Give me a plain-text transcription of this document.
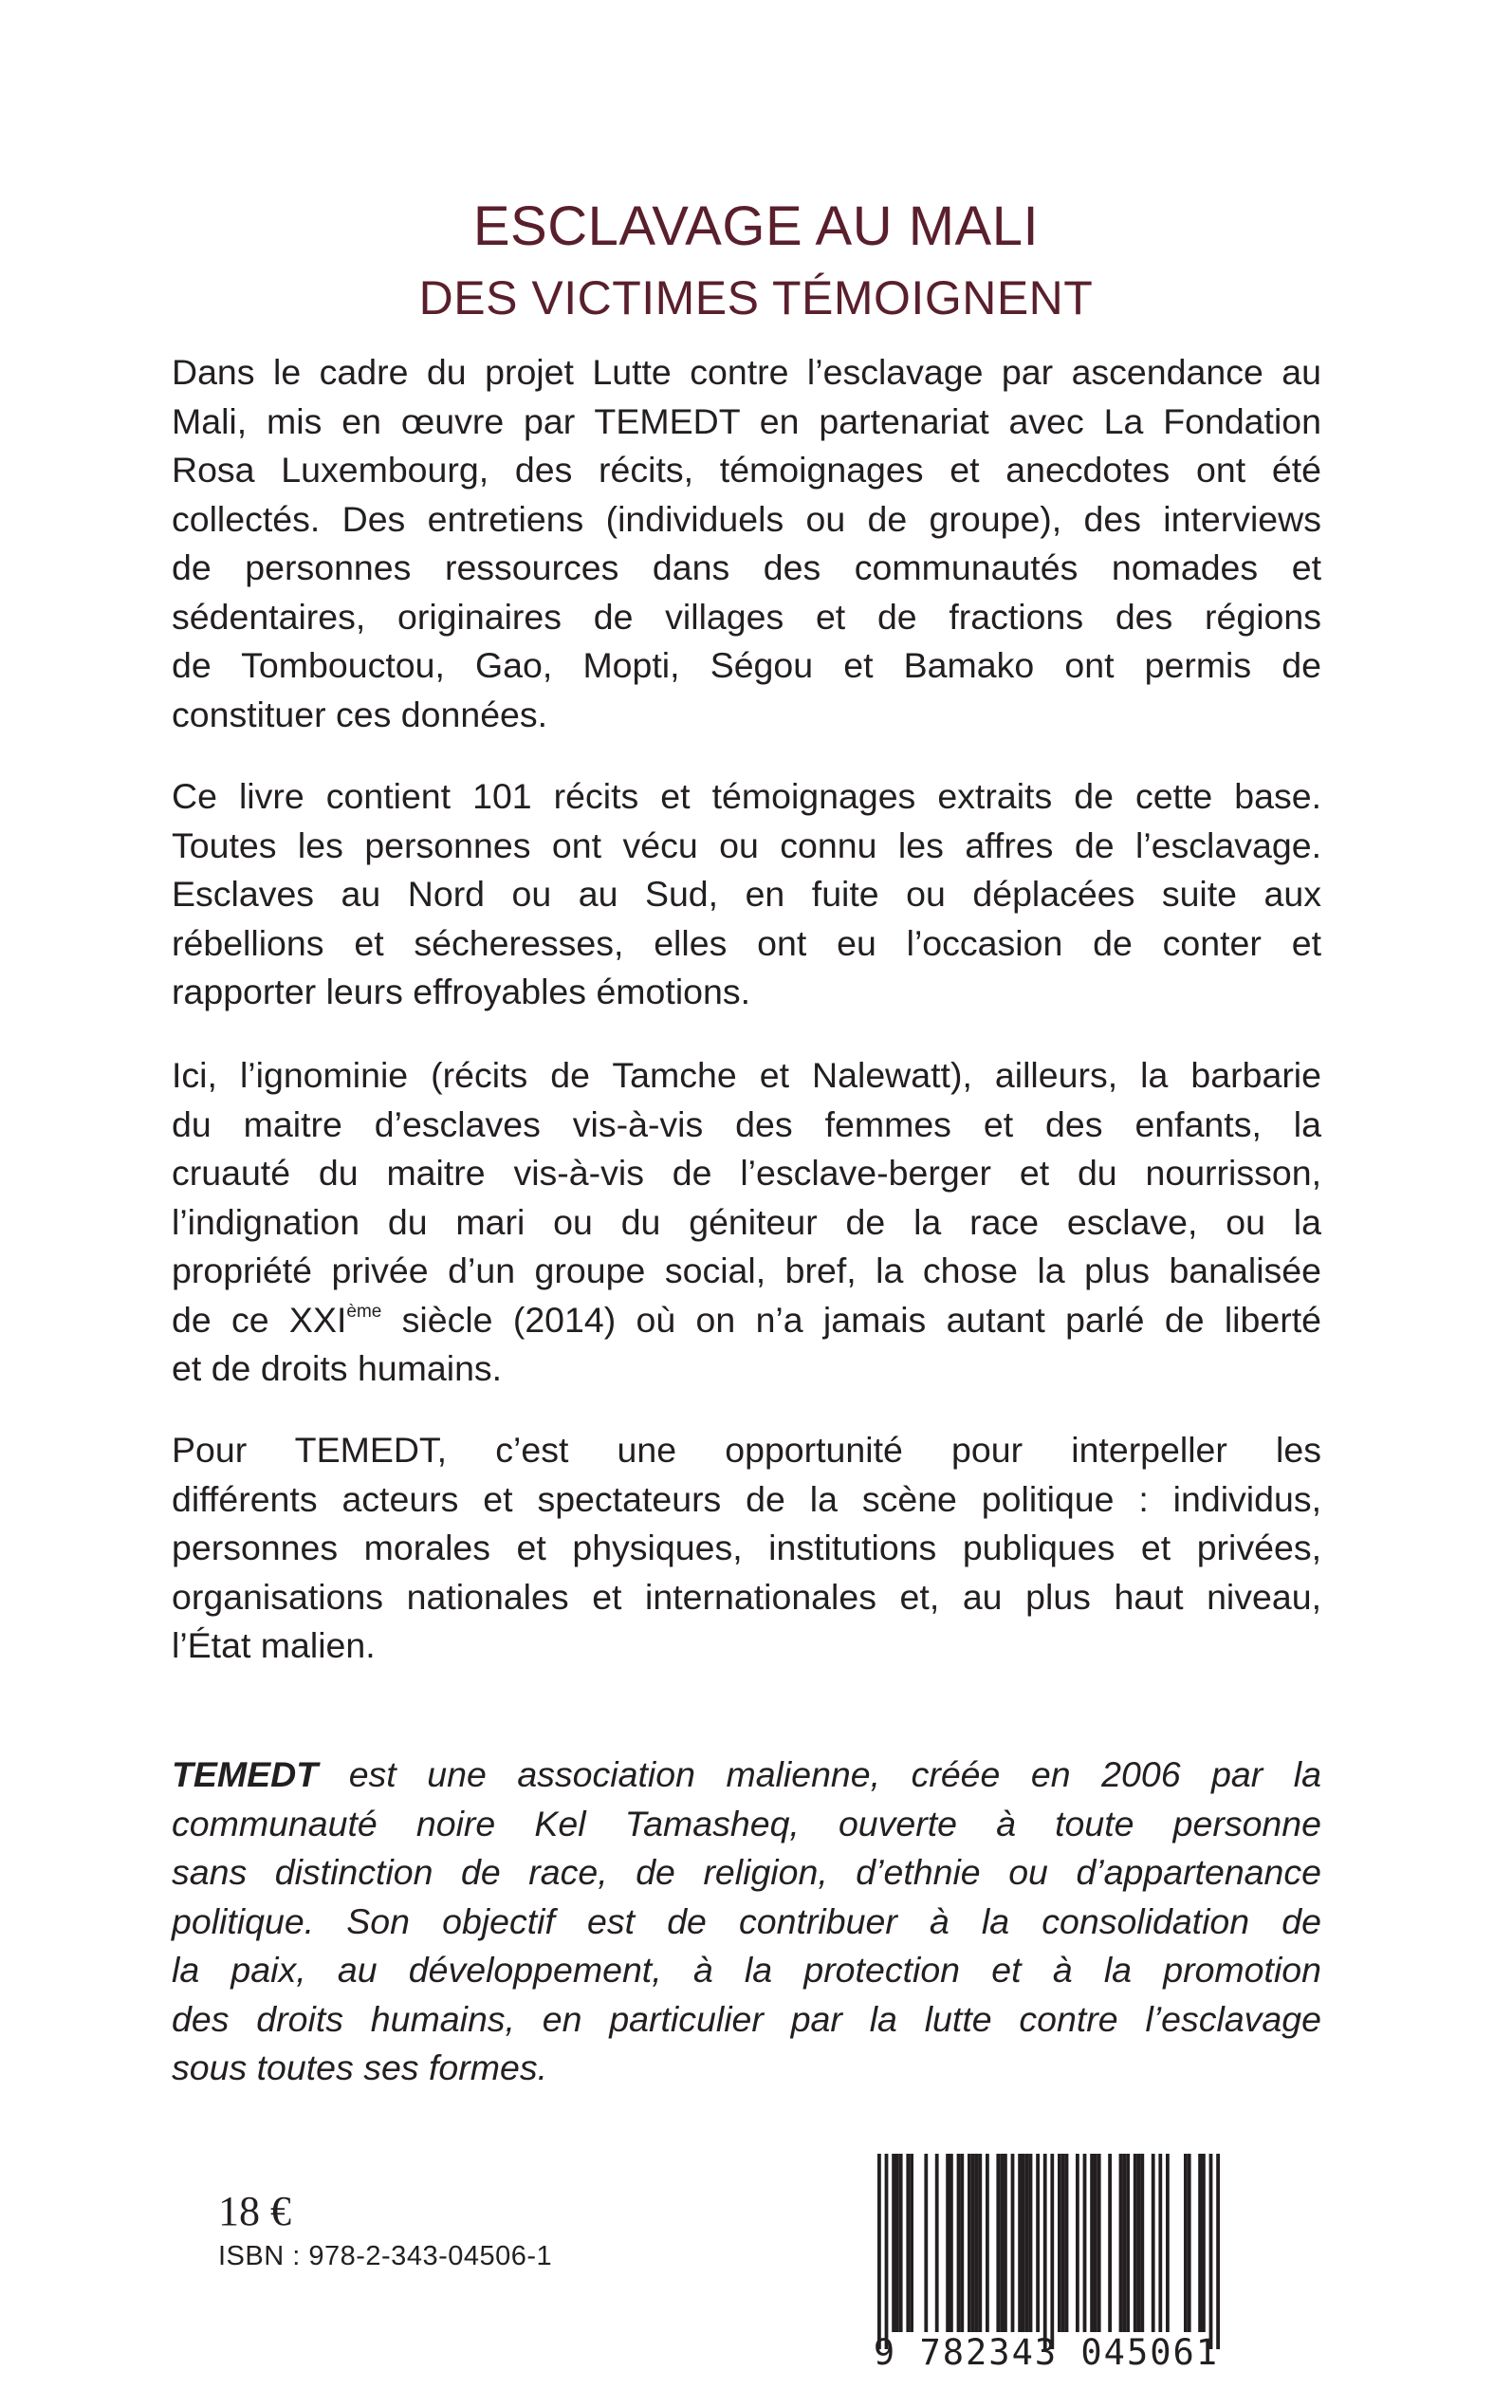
ESCLAVAGE AU MALI
DES VICTIMES TÉMOIGNENT
Dans le cadre du projet Lutte contre l’esclavage par ascendance au
Mali, mis en œuvre par TEMEDT en partenariat avec La Fondation
Rosa Luxembourg, des récits, témoignages et anecdotes ont été
collectés. Des entretiens (individuels ou de groupe), des interviews
de personnes ressources dans des communautés nomades et
sédentaires, originaires de villages et de fractions des régions
de Tombouctou, Gao, Mopti, Ségou et Bamako ont permis de
constituer ces données.
Ce livre contient 101 récits et témoignages extraits de cette base.
Toutes les personnes ont vécu ou connu les affres de l’esclavage.
Esclaves au Nord ou au Sud, en fuite ou déplacées suite aux
rébellions et sécheresses, elles ont eu l’occasion de conter et
rapporter leurs effroyables émotions.
Ici, l’ignominie (récits de Tamche et Nalewatt), ailleurs, la barbarie
du maitre d’esclaves vis-à-vis des femmes et des enfants, la
cruauté du maitre vis-à-vis de l’esclave-berger et du nourrisson,
l’indignation du mari ou du géniteur de la race esclave, ou la
propriété privée d’un groupe social, bref, la chose la plus banalisée
de ce XXIème siècle (2014) où on n’a jamais autant parlé de liberté
et de droits humains.
Pour TEMEDT, c’est une opportunité pour interpeller les
différents acteurs et spectateurs de la scène politique : individus,
personnes morales et physiques, institutions publiques et privées,
organisations nationales et internationales et, au plus haut niveau,
l’État malien.
TEMEDT est une association malienne, créée en 2006 par la
communauté noire Kel Tamasheq, ouverte à toute personne
sans distinction de race, de religion, d’ethnie ou d’appartenance
politique. Son objectif est de contribuer à la consolidation de
la paix, au développement, à la protection et à la promotion
des droits humains, en particulier par la lutte contre l’esclavage
sous toutes ses formes.
18 €
ISBN : 978-2-343-04506-1
9 782343 045061
